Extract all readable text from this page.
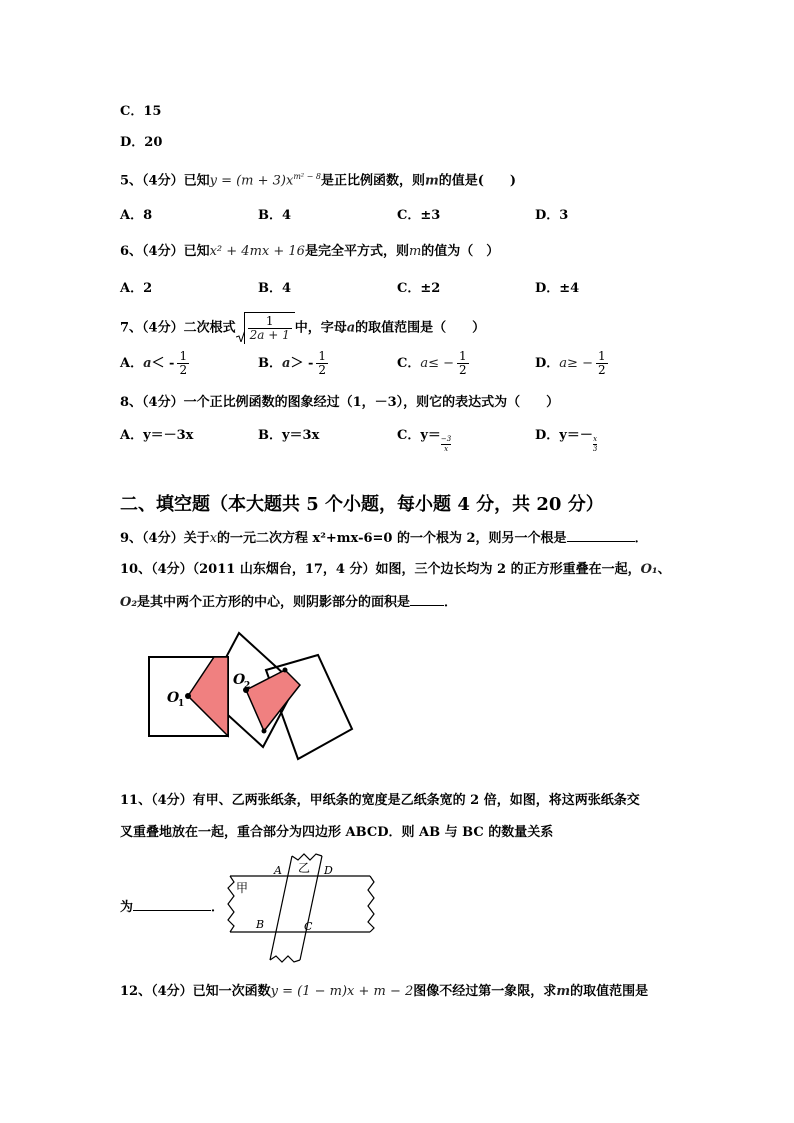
C．15
D．20
5、（4分）已知$y = (m + 3)x^{m^2 - 8}$是正比例函数，则m的值是(　　)
A．8	B．4	C．±3	D．3
6、（4分）已知x² + 4mx + 16是完全平方式，则m的值为（　）
A．2	B．4	C．±2	D．±4
7、（4分）二次根式 $\frac{1}{2a + 1}$ 中，字母a的取值范围是（　　）
A．$a< - \frac{1}{2}$	B．$a> - \frac{1}{2}$	C．$a\le - \frac{1}{2}$	D．$a\ge - \frac{1}{2}$
8、（4分）一个正比例函数的图象经过（1，－3），则它的表达式为（　　）
A．y＝－3x	B．y＝3x	C．$y= \frac{-3}{x}$	D．$y=- \frac{x}{3}$
二、填空题（本大题共 5 个小题，每小题 4 分，共 20 分）
9、（4分）关于x的一元二次方程 x²+mx-6=0 的一个根为 2，则另一个根是	．
10、（4分）（2011 山东烟台，17，4 分）如图，三个边长均为 2 的正方形重叠在一起，O₁、
O₂是其中两个正方形的中心，则阴影部分的面积是	．
O
1
O
2
11、（4分）有甲、乙两张纸条，甲纸条的宽度是乙纸条宽的 2 倍，如图，将这两张纸条交
叉重叠地放在一起，重合部分为四边形 ABCD．则 AB 与 BC 的数量关系
为	．
甲
乙
A	D
B	C
12、（4分）已知一次函数y = (1 − m)x + m − 2图像不经过第一象限，求m的取值范围是
